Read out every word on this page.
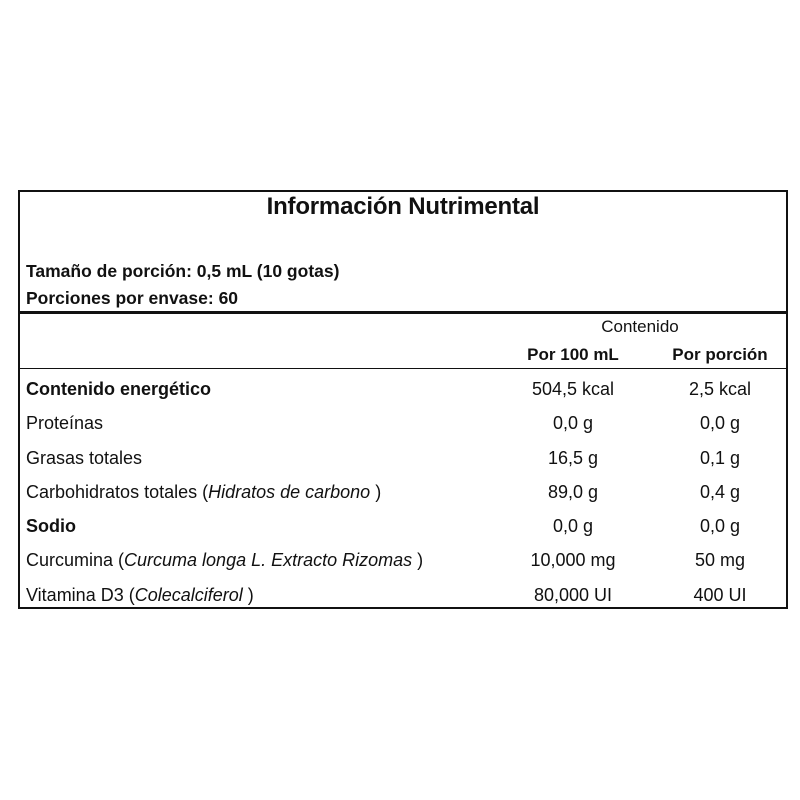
Información Nutrimental
Tamaño de porción: 0,5 mL (10 gotas)
Porciones por envase: 60
Contenido
Por 100 mL	Por porción
Contenido energético	504,5 kcal	2,5 kcal
Proteínas	0,0 g	0,0 g
Grasas totales	16,5 g	0,1 g
Carbohidratos totales (Hidratos de carbono )	89,0 g	0,4 g
Sodio	0,0 g	0,0 g
Curcumina (Curcuma longa L. Extracto Rizomas )	10,000 mg	50 mg
Vitamina D3 (Colecalciferol )	80,000 UI	400 UI
